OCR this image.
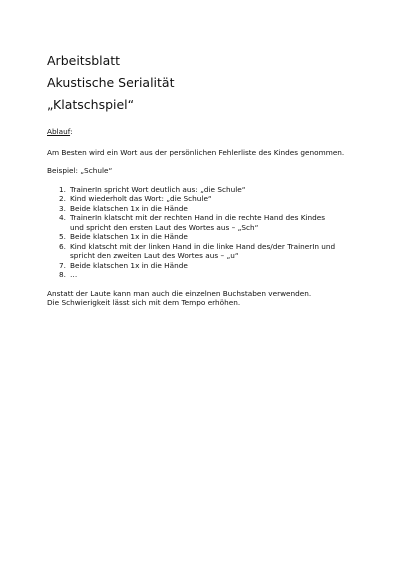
Arbeitsblatt
Akustische Serialität
„Klatschspiel“

Ablauf:

Am Besten wird ein Wort aus der persönlichen Fehlerliste des Kindes genommen.

Beispiel: „Schule“

1. TrainerIn spricht Wort deutlich aus: „die Schule“
2. Kind wiederholt das Wort: „die Schule“
3. Beide klatschen 1x in die Hände
4. TrainerIn klatscht mit der rechten Hand in die rechte Hand des Kindes
und spricht den ersten Laut des Wortes aus – „Sch“
5. Beide klatschen 1x in die Hände
6. Kind klatscht mit der linken Hand in die linke Hand des/der TrainerIn und
spricht den zweiten Laut des Wortes aus – „u“
7. Beide klatschen 1x in die Hände
8. …

Anstatt der Laute kann man auch die einzelnen Buchstaben verwenden.

Die Schwierigkeit lässt sich mit dem Tempo erhöhen.
